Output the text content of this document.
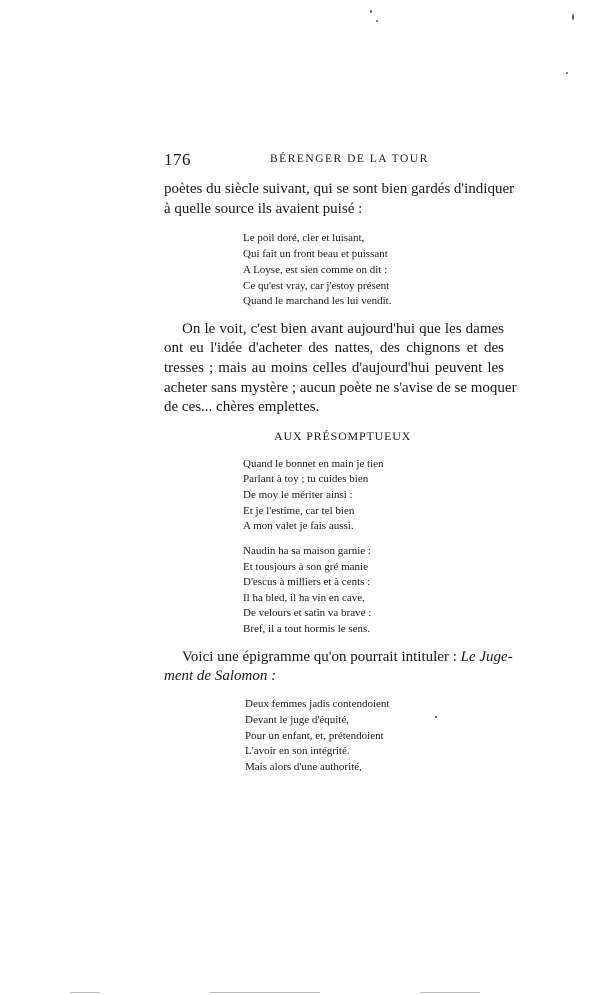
176	BÉRENGER DE LA TOUR
poètes du siècle suivant, qui se sont bien gardés d'indiquer
à quelle source ils avaient puisé :
Le poil doré, cler et luisant,
Qui fait un front beau et puissant
A Loyse, est sien comme on dit :
Ce qu'est vray, car j'estoy présent
Quand le marchand les lui vendit.
On le voit, c'est bien avant aujourd'hui que les dames
ont eu l'idée d'acheter des nattes, des chignons et des
tresses ; mais au moins celles d'aujourd'hui peuvent les
acheter sans mystère ; aucun poète ne s'avise de se moquer
de ces... chères emplettes.
AUX PRÉSOMPTUEUX
Quand le bonnet en main je tien
Parlant à toy ; tu cuides bien
De moy le mériter ainsi :
Et je l'estime, car tel bien
A mon valet je fais aussi.
Naudin ha sa maison garnie :
Et tousjours à son gré manie
D'escus à milliers et à cents :
Il ha bled, il ha vin en cave,
De velours et satin va brave :
Bref, il a tout hormis le sens.
Voici une épigramme qu'on pourrait intituler : Le Juge-
ment de Salomon :
Deux femmes jadis contendoient
Devant le juge d'équité,
Pour un enfant, et, prétendoient
L'avoir en son intégrité.
Mais alors d'une authorité,
